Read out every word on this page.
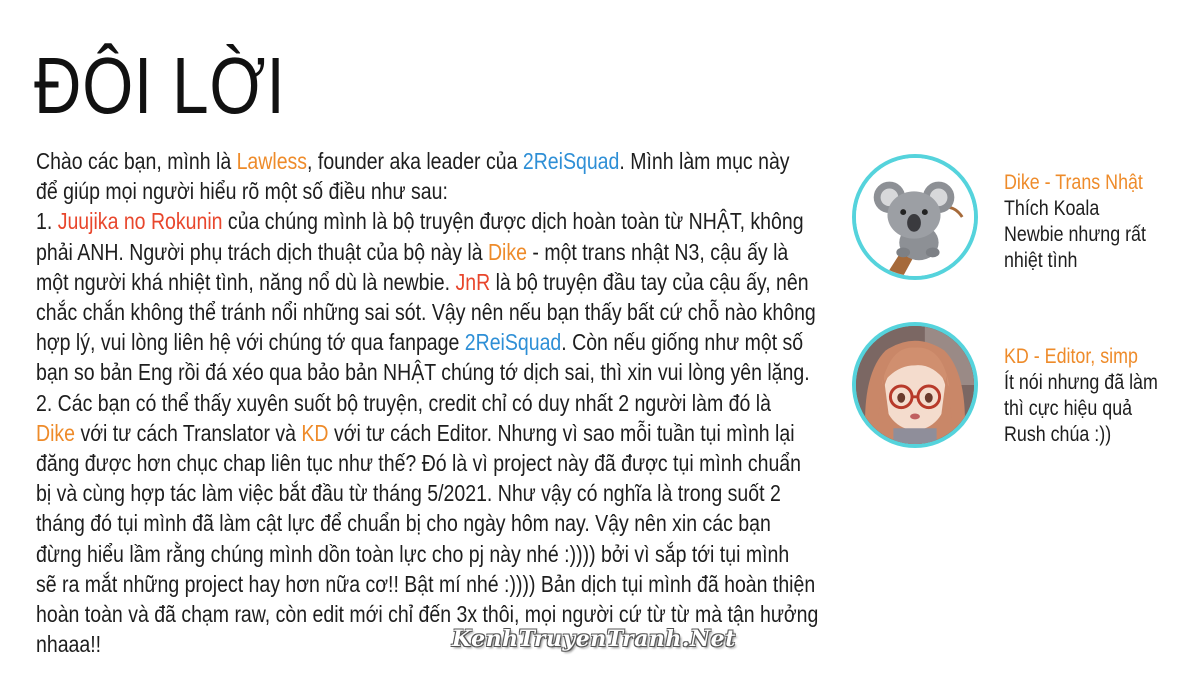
ĐÔI LỜI
Chào các bạn, mình là Lawless, founder aka leader của 2ReiSquad. Mình làm mục này
để giúp mọi người hiểu rõ một số điều như sau:
1. Juujika no Rokunin của chúng mình là bộ truyện được dịch hoàn toàn từ NHẬT, không
phải ANH. Người phụ trách dịch thuật của bộ này là Dike - một trans nhật N3, cậu ấy là
một người khá nhiệt tình, năng nổ dù là newbie. JnR là bộ truyện đầu tay của cậu ấy, nên
chắc chắn không thể tránh nổi những sai sót. Vậy nên nếu bạn thấy bất cứ chỗ nào không
hợp lý, vui lòng liên hệ với chúng tớ qua fanpage 2ReiSquad. Còn nếu giống như một số
bạn so bản Eng rồi đá xéo qua bảo bản NHẬT chúng tớ dịch sai, thì xin vui lòng yên lặng.
2. Các bạn có thể thấy xuyên suốt bộ truyện, credit chỉ có duy nhất 2 người làm đó là
Dike với tư cách Translator và KD với tư cách Editor. Nhưng vì sao mỗi tuần tụi mình lại
đăng được hơn chục chap liên tục như thế? Đó là vì project này đã được tụi mình chuẩn
bị và cùng hợp tác làm việc bắt đầu từ tháng 5/2021. Như vậy có nghĩa là trong suốt 2
tháng đó tụi mình đã làm cật lực để chuẩn bị cho ngày hôm nay. Vậy nên xin các bạn
đừng hiểu lầm rằng chúng mình dồn toàn lực cho pj này nhé :)))) bởi vì sắp tới tụi mình
sẽ ra mắt những project hay hơn nữa cơ!! Bật mí nhé :)))) Bản dịch tụi mình đã hoàn thiện
hoàn toàn và đã chạm raw, còn edit mới chỉ đến 3x thôi, mọi người cứ từ từ mà tận hưởng
nhaaa!!
Dike - Trans Nhật
Thích Koala
Newbie nhưng rất
nhiệt tình
KD - Editor, simp
Ít nói nhưng đã làm
thì cực hiệu quả
Rush chúa :))
KenhTruyenTranh.Net
